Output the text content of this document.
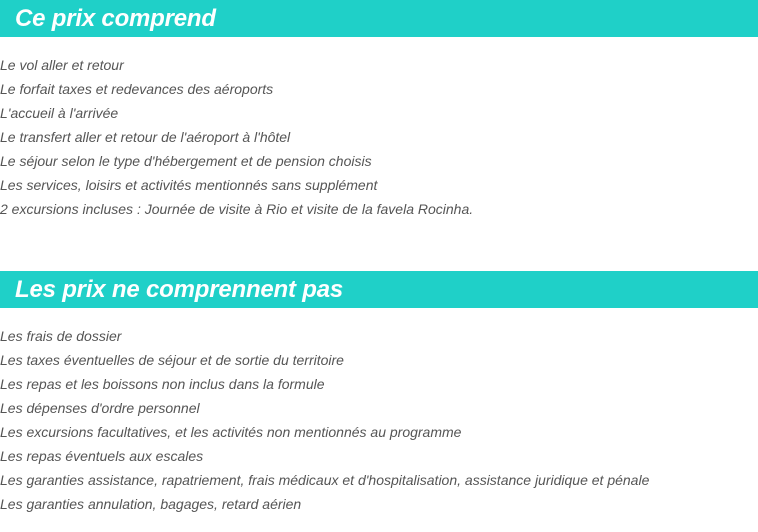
Ce prix comprend
Le vol aller et retour
Le forfait taxes et redevances des aéroports
L'accueil à l'arrivée
Le transfert aller et retour de l'aéroport à l'hôtel
Le séjour selon le type d'hébergement et de pension choisis
Les services, loisirs et activités mentionnés sans supplément
2 excursions incluses : Journée de visite à Rio et visite de la favela Rocinha.
Les prix ne comprennent pas
Les frais de dossier
Les taxes éventuelles de séjour et de sortie du territoire
Les repas et les boissons non inclus dans la formule
Les dépenses d'ordre personnel
Les excursions facultatives, et les activités non mentionnés au programme
Les repas éventuels aux escales
Les garanties assistance, rapatriement, frais médicaux et d'hospitalisation, assistance juridique et pénale
Les garanties annulation, bagages, retard aérien
